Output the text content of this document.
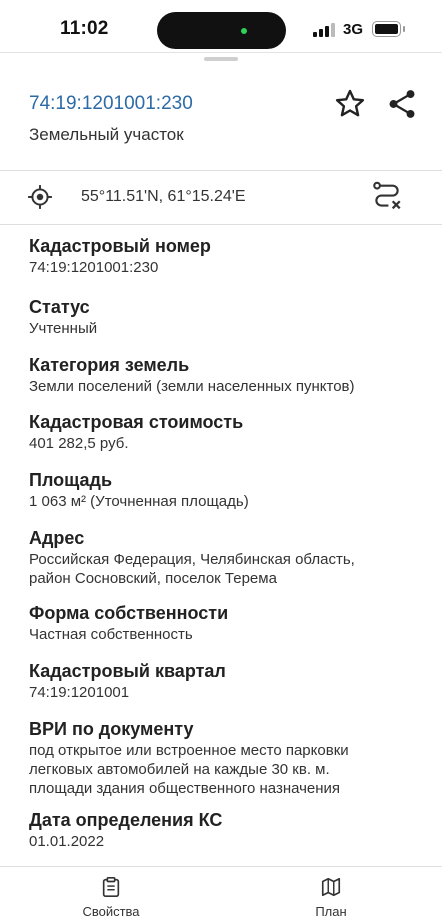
11:02	3G
74:19:1201001:230
Земельный участок
55°11.51'N, 61°15.24'E
Кадастровый номер
74:19:1201001:230
Статус
Учтенный
Категория земель
Земли поселений (земли населенных пунктов)
Кадастровая стоимость
401 282,5 руб.
Площадь
1 063 м² (Уточненная площадь)
Адрес
Российская Федерация, Челябинская область,
район Сосновский, поселок Терема
Форма собственности
Частная собственность
Кадастровый квартал
74:19:1201001
ВРИ по документу
под открытое или встроенное место парковки
легковых автомобилей на каждые 30 кв. м.
площади здания общественного назначения
Дата определения КС
01.01.2022
Свойства	План
